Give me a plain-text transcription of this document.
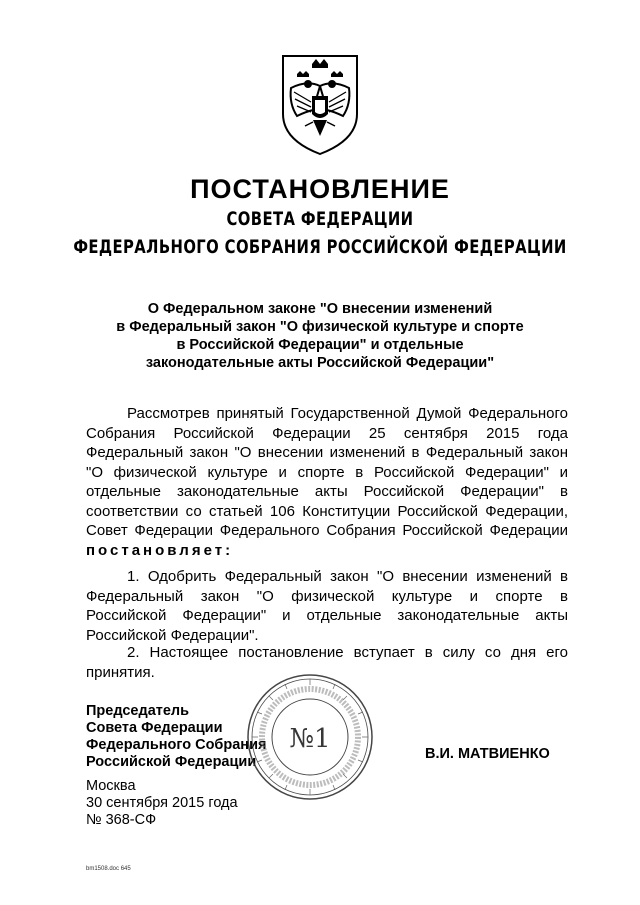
ПОСТАНОВЛЕНИЕ
СОВЕТА ФЕДЕРАЦИИ
ФЕДЕРАЛЬНОГО СОБРАНИЯ РОССИЙСКОЙ ФЕДЕРАЦИИ
О Федеральном законе "О внесении изменений
в Федеральный закон "О физической культуре и спорте
в Российской Федерации" и отдельные
законодательные акты Российской Федерации"
Рассмотрев принятый Государственной Думой Федерального
Собрания Российской Федерации 25 сентября 2015 года
Федеральный закон "О внесении изменений в Федеральный закон
"О физической культуре и спорте в Российской Федерации" и
отдельные законодательные акты Российской Федерации" в
соответствии со статьей 106 Конституции Российской Федерации,
Совет Федерации Федерального Собрания Российской Федерации
постановляет:
1. Одобрить Федеральный закон "О внесении изменений в
Федеральный закон "О физической культуре и спорте в
Российской Федерации" и отдельные законодательные акты
Российской Федерации".
2. Настоящее постановление вступает в силу со дня его
принятия.
Председатель
Совета Федерации
Федерального Собрания
Российской Федерации
№1	В.И. МАТВИЕНКО
Москва
30 сентября 2015 года
№ 368-СФ
bm1508.doc 645
